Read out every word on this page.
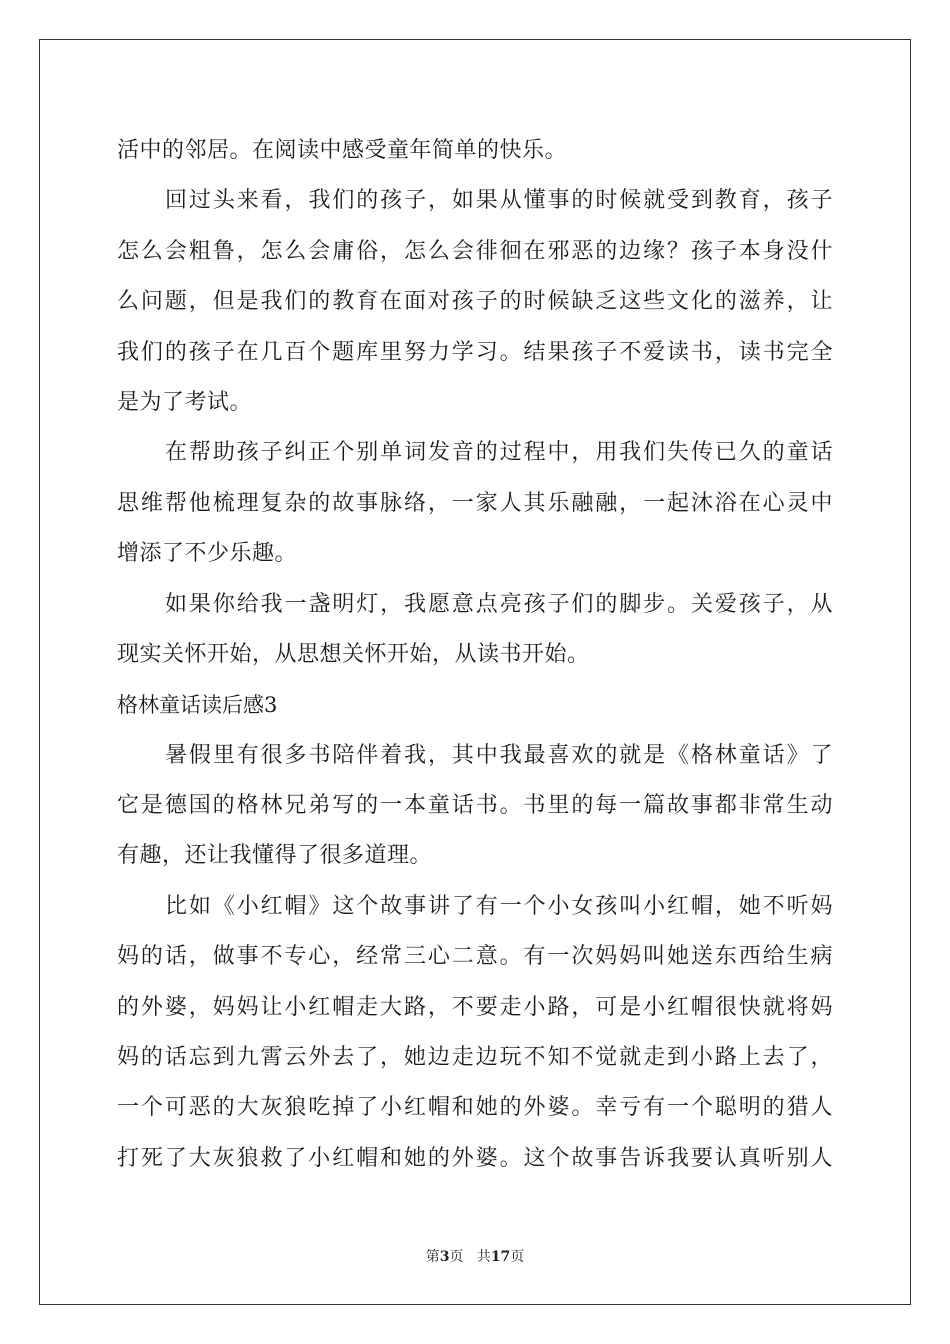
活中的邻居。在阅读中感受童年简单的快乐。
回过头来看，我们的孩子，如果从懂事的时候就受到教育，孩子
怎么会粗鲁，怎么会庸俗，怎么会徘徊在邪恶的边缘？孩子本身没什
么问题，但是我们的教育在面对孩子的时候缺乏这些文化的滋养，让
我们的孩子在几百个题库里努力学习。结果孩子不爱读书，读书完全
是为了考试。
在帮助孩子纠正个别单词发音的过程中，用我们失传已久的童话
思维帮他梳理复杂的故事脉络，一家人其乐融融，一起沐浴在心灵中
增添了不少乐趣。
如果你给我一盏明灯，我愿意点亮孩子们的脚步。关爱孩子，从
现实关怀开始，从思想关怀开始，从读书开始。
格林童话读后感3
暑假里有很多书陪伴着我，其中我最喜欢的就是《格林童话》了
它是德国的格林兄弟写的一本童话书。书里的每一篇故事都非常生动
有趣，还让我懂得了很多道理。
比如《小红帽》这个故事讲了有一个小女孩叫小红帽，她不听妈
妈的话，做事不专心，经常三心二意。有一次妈妈叫她送东西给生病
的外婆，妈妈让小红帽走大路，不要走小路，可是小红帽很快就将妈
妈的话忘到九霄云外去了，她边走边玩不知不觉就走到小路上去了，
一个可恶的大灰狼吃掉了小红帽和她的外婆。幸亏有一个聪明的猎人
打死了大灰狼救了小红帽和她的外婆。这个故事告诉我要认真听别人
第3页 共17页
